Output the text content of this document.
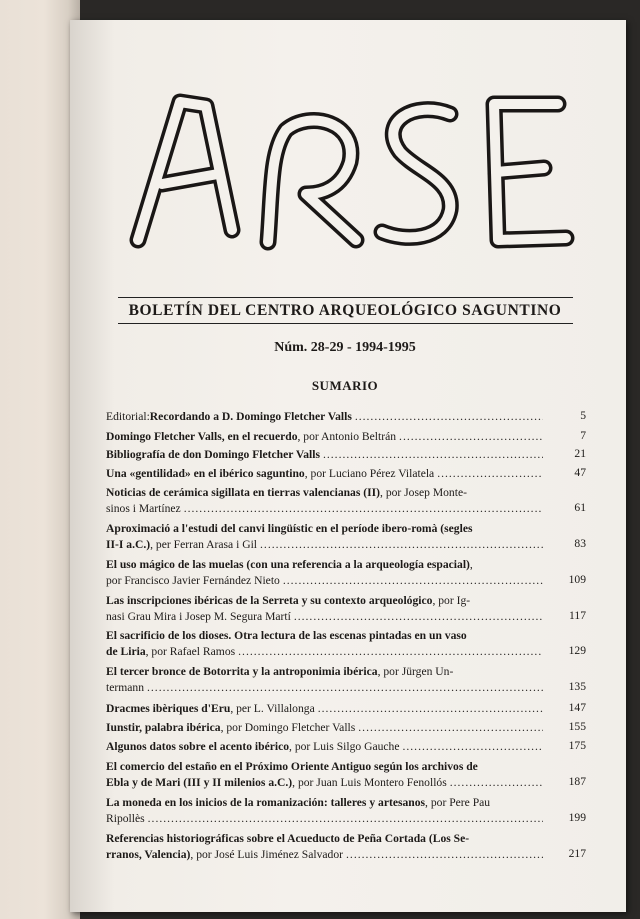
BOLETÍN DEL CENTRO ARQUEOLÓGICO SAGUNTINO
Núm. 28-29 - 1994-1995
SUMARIO
Editorial: Recordando a D. Domingo Fletcher Valls .....	5
Domingo Fletcher Valls, en el recuerdo , por Antonio Beltrán .....	7
Bibliografía de don Domingo Fletcher Valls .....	21
Una «gentilidad» en el ibérico saguntino , por Luciano Pérez Vilatela .....	47
Noticias de cerámica sigillata en tierras valencianas (II) , por Josep Monte-
sinos i Martínez .....	61
Aproximació a l'estudi del canvi lingüístic en el període ibero-romà (segles
II-I a.C.) , per Ferran Arasa i Gil .....	83
El uso mágico de las muelas (con una referencia a la arqueología espacial) ,
por Francisco Javier Fernández Nieto .....	109
Las inscripciones ibéricas de la Serreta y su contexto arqueológico , por Ig-
nasi Grau Mira i Josep M. Segura Martí .....	117
El sacrificio de los dioses. Otra lectura de las escenas pintadas en un vaso
de Liria , por Rafael Ramos .....	129
El tercer bronce de Botorrita y la antroponimia ibérica , por Jürgen Un-
termann .....	135
Dracmes ibèriques d'Eru , per L. Villalonga .....	147
Iunstir, palabra ibérica , por Domingo Fletcher Valls .....	155
Algunos datos sobre el acento ibérico , por Luis Silgo Gauche .....	175
El comercio del estaño en el Próximo Oriente Antiguo según los archivos de
Ebla y de Mari (III y II milenios a.C.) , por Juan Luis Montero Fenollós .....	187
La moneda en los inicios de la romanización: talleres y artesanos , por Pere Pau
Ripollès .....	199
Referencias historiográficas sobre el Acueducto de Peña Cortada (Los Se-
rranos, Valencia) , por José Luis Jiménez Salvador .....	217
